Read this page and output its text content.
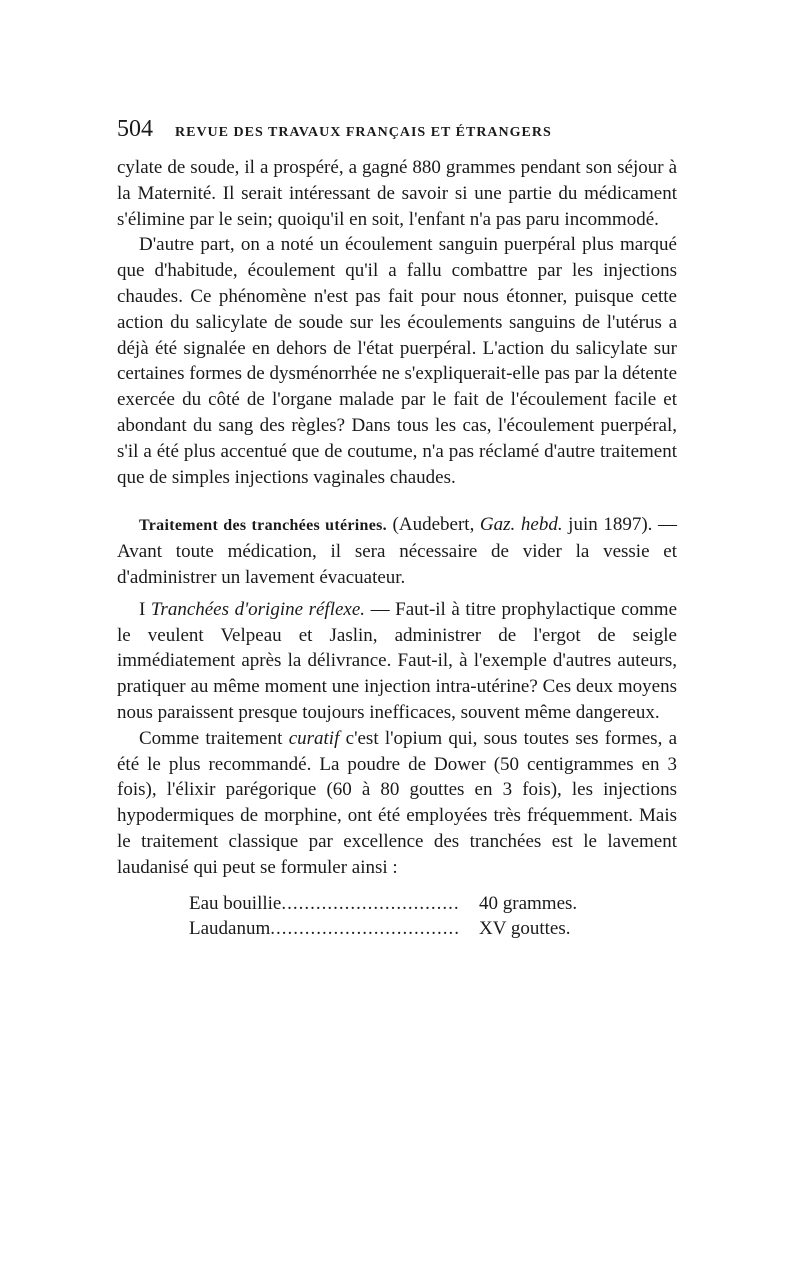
504 REVUE DES TRAVAUX FRANÇAIS ET ÉTRANGERS

cylate de soude, il a prospéré, a gagné 880 grammes pendant son séjour à la Maternité. Il serait intéressant de savoir si une partie du médicament s'élimine par le sein; quoiqu'il en soit, l'enfant n'a pas paru incommodé.

D'autre part, on a noté un écoulement sanguin puerpéral plus marqué que d'habitude, écoulement qu'il a fallu combattre par les injections chaudes. Ce phénomène n'est pas fait pour nous étonner, puisque cette action du salicylate de soude sur les écoulements sanguins de l'utérus a déjà été signalée en dehors de l'état puerpéral. L'action du salicylate sur certaines formes de dysménorrhée ne s'expliquerait-elle pas par la détente exercée du côté de l'organe malade par le fait de l'écoulement facile et abondant du sang des règles? Dans tous les cas, l'écoulement puerpéral, s'il a été plus accentué que de coutume, n'a pas réclamé d'autre traitement que de simples injections vaginales chaudes.

Traitement des tranchées utérines. (Audebert, Gaz. hebd. juin 1897). — Avant toute médication, il sera nécessaire de vider la vessie et d'administrer un lavement évacuateur.

I Tranchées d'origine réflexe. — Faut-il à titre prophylactique comme le veulent Velpeau et Jaslin, administrer de l'ergot de seigle immédiatement après la délivrance. Faut-il, à l'exemple d'autres auteurs, pratiquer au même moment une injection intra-utérine? Ces deux moyens nous paraissent presque toujours inefficaces, souvent même dangereux.

Comme traitement curatif c'est l'opium qui, sous toutes ses formes, a été le plus recommandé. La poudre de Dower (50 centigrammes en 3 fois), l'élixir parégorique (60 à 80 gouttes en 3 fois), les injections hypodermiques de morphine, ont été employées très fréquemment. Mais le traitement classique par excellence des tranchées est le lavement laudanisé qui peut se formuler ainsi :

Eau bouillie .....	40 grammes.
Laudanum .....	XV gouttes.
